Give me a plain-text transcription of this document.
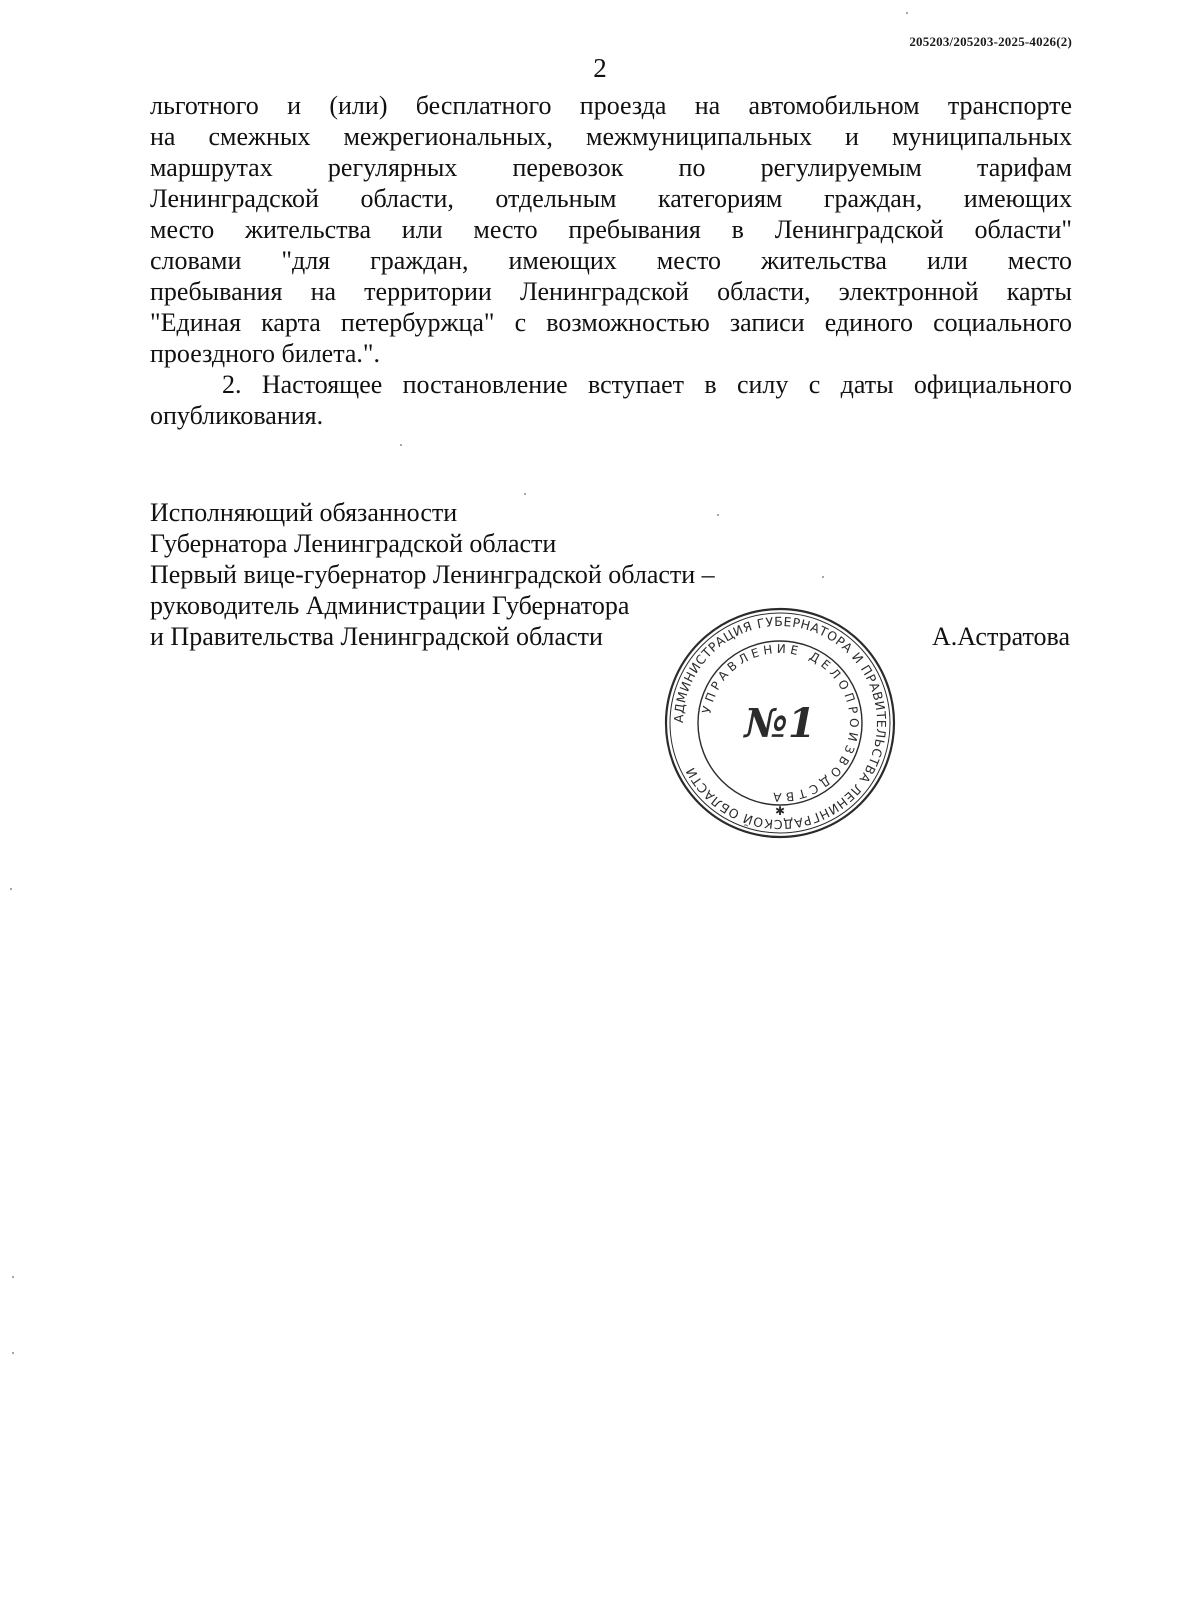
205203/205203-2025-4026(2)
2
льготного и (или) бесплатного проезда на автомобильном транспорте
на смежных межрегиональных, межмуниципальных и муниципальных
маршрутах регулярных перевозок по регулируемым тарифам
Ленинградской области, отдельным категориям граждан, имеющих
место жительства или место пребывания в Ленинградской области"
словами "для граждан, имеющих место жительства или место
пребывания на территории Ленинградской области, электронной карты
"Единая карта петербуржца" с возможностью записи единого социального
проездного билета.".
2. Настоящее постановление вступает в силу с даты официального
опубликования.
Исполняющий обязанности
Губернатора Ленинградской области
Первый вице-губернатор Ленинградской области –
руководитель Администрации Губернатора
и Правительства Ленинградской области	А.Астратова
АДМИНИСТРАЦИЯ ГУБЕРНАТОРА И ПРАВИТЕЛЬСТВА ЛЕНИНГРАДСКОЙ ОБЛАСТИ
УПРАВЛЕНИЕ ДЕЛОПРОИЗВОДСТВА
№1
✱
